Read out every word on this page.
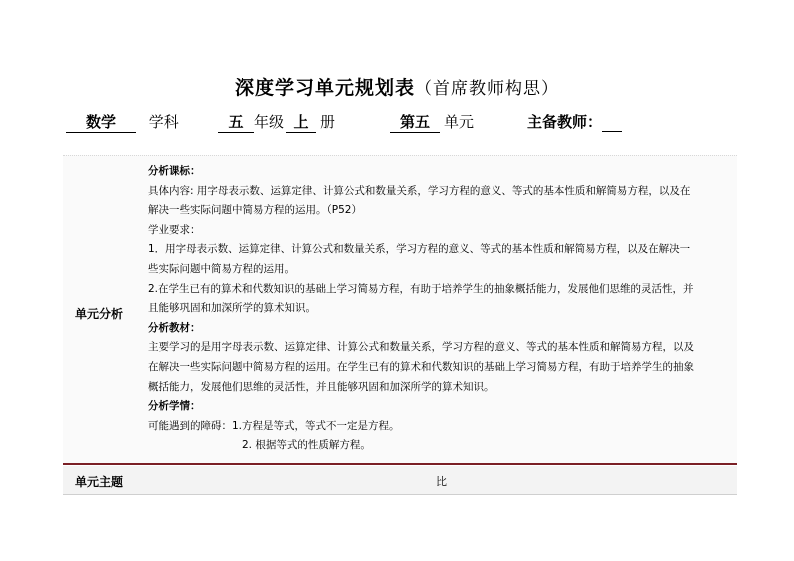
深度学习单元规划表（首席教师构思）
数学 学科	五 年级 上 册	第五 单元	主备教师：
单元分析

分析课标：

具体内容: 用字母表示数、运算定律、计算公式和数量关系，学习方程的意义、等式的基本性质和解简易方程，以及在

解决一些实际问题中简易方程的运用。（P52）

学业要求：

1．用字母表示数、运算定律、计算公式和数量关系，学习方程的意义、等式的基本性质和解简易方程，以及在解决一

些实际问题中简易方程的运用。

2.在学生已有的算术和代数知识的基础上学习简易方程，有助于培养学生的抽象概括能力，发展他们思维的灵活性，并

且能够巩固和加深所学的算术知识。

分析教材：

主要学习的是用字母表示数、运算定律、计算公式和数量关系，学习方程的意义、等式的基本性质和解简易方程，以及

在解决一些实际问题中简易方程的运用。在学生已有的算术和代数知识的基础上学习简易方程，有助于培养学生的抽象

概括能力，发展他们思维的灵活性，并且能够巩固和加深所学的算术知识。

分析学情：

可能遇到的障碍：1.方程是等式，等式不一定是方程。

2. 根据等式的性质解方程。

单元主题	比
